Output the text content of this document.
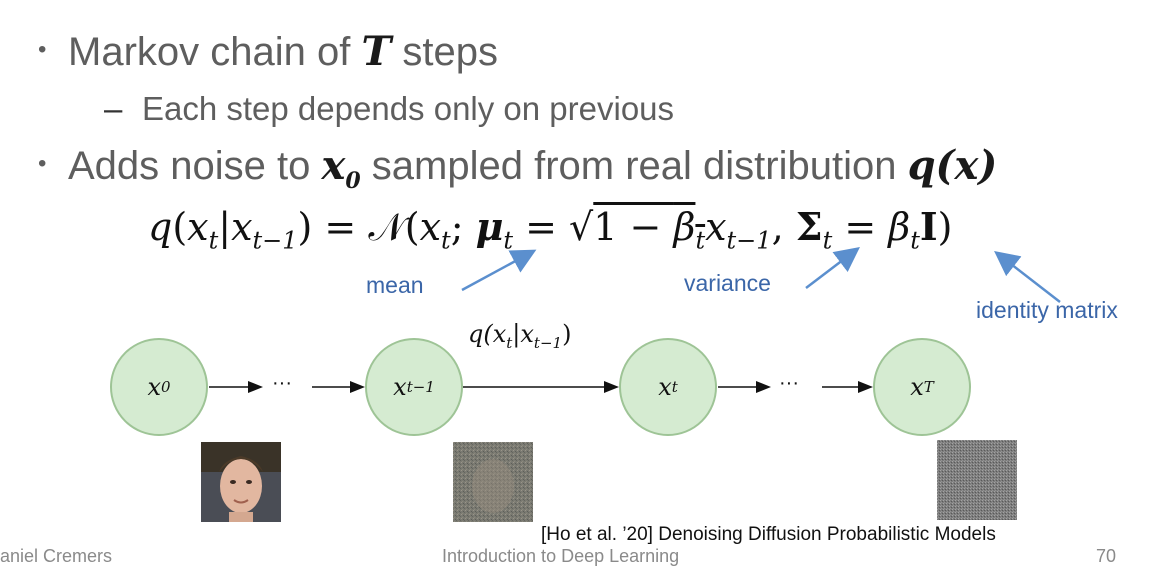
• Markov chain of T steps
– Each step depends only on previous
• Adds noise to $x_0$ sampled from real distribution q(x)
$q(x_t|x_{t-1})$ = $𝒩(x_t$; $\mu_t = √1 - \beta_tx_{t-1}$, $\Sigma_t = \beta_tI$)
mean	variance
identity matrix
···	···
$q(x_t|x_{t-1})$
x 0	x t−1	x t	x T
[Ho et al. ’20] Denoising Diffusion Probabilistic Models
aniel Cremers	Introduction to Deep Learning	70
